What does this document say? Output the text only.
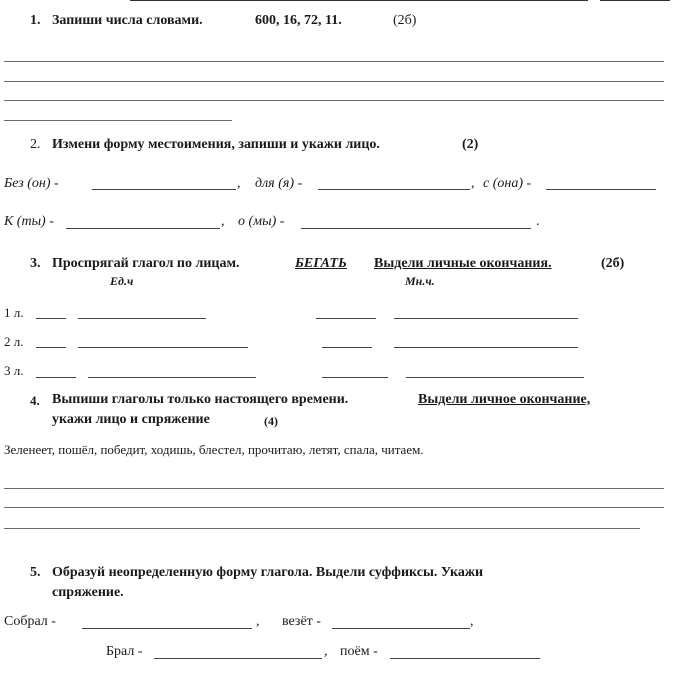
1. Запиши числа словами.	600, 16, 72, 11.	(2б)
2. Измени форму местоимения, запиши и укажи лицо.	(2)
Без (он) -	, для (я) -	, с (она) -
К (ты) -	, о (мы) -	.
3. Проспрягай глагол по лицам.	БЕГАТЬ Выдели личные окончания.	(2б)
Ед.ч	Мн.ч.
1 л.
2 л.
3 л.
4. Выпиши глаголы только настоящего времени.	Выдели личное окончание,
укажи лицо и спряжение	(4)
Зеленеет, пошёл, победит, ходишь, блестел, прочитаю, летят, спала, читаем.
5. Образуй неопределенную форму глагола. Выдели суффиксы. Укажи
спряжение.
Собрал -	, везёт -	,
Брал -	, поём -
